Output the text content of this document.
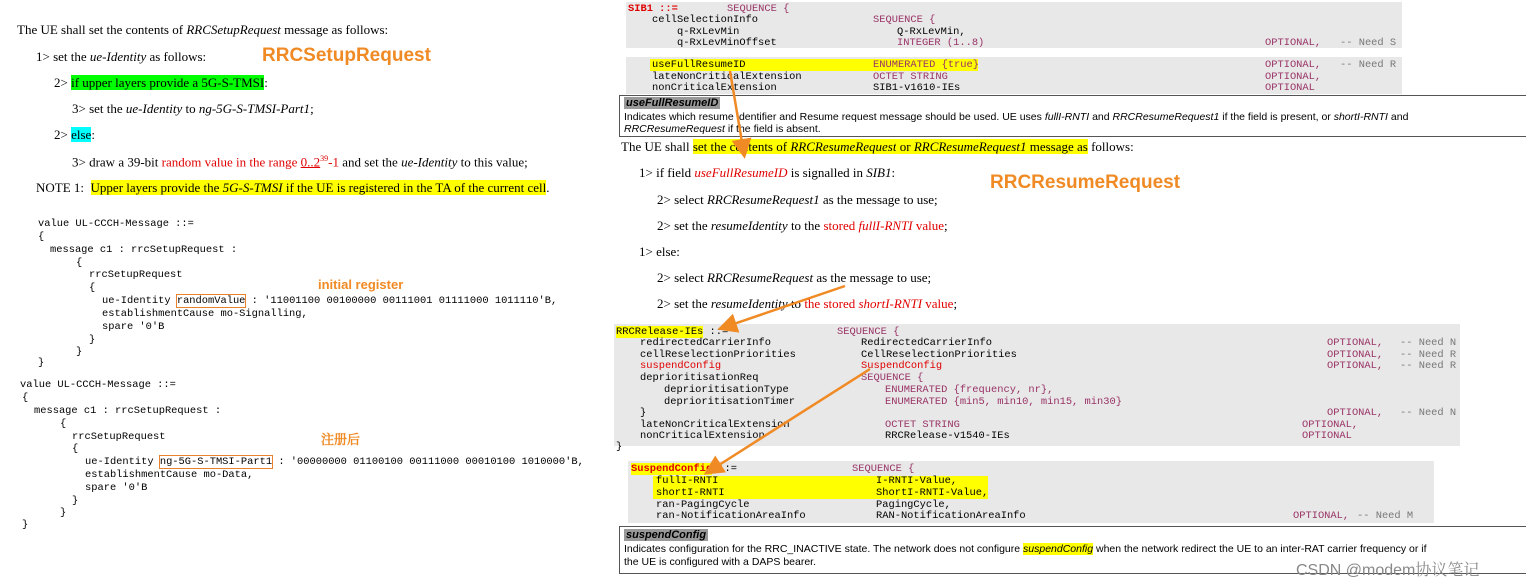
The UE shall set the contents of RRCSetupRequest message as follows:
1> set the ue-Identity as follows:
2> if upper layers provide a 5G-S-TMSI:
3> set the ue-Identity to ng-5G-S-TMSI-Part1;
2> else:
3> draw a 39-bit random value in the range 0..2$^{39}$-1 and set the ue-Identity to this value;
NOTE 1:  Upper layers provide the 5G-S-TMSI if the UE is registered in the TA of the current cell.
RRCSetupRequest
value UL-CCCH-Message ::=
{
message c1 : rrcSetupRequest :
{
rrcSetupRequest
{
ue-Identity randomValue : '11001100 00100000 00111001 01111000 1011110'B,
establishmentCause mo-Signalling,
spare '0'B
}
}
}
initial register
value UL-CCCH-Message ::=
{
message c1 : rrcSetupRequest :
{
rrcSetupRequest
{
ue-Identity ng-5G-S-TMSI-Part1 : '00000000 01100100 00111000 00010100 1010000'B,
establishmentCause mo-Data,
spare '0'B
}
}
}
注册后
SIB1 ::=	SEQUENCE {
cellSelectionInfo	SEQUENCE {
q-RxLevMin	Q-RxLevMin,
q-RxLevMinOffset	INTEGER (1..8)	OPTIONAL, -- Need S
useFullResumeID	ENUMERATED {true}	OPTIONAL, -- Need R
lateNonCriticalExtension	OCTET STRING	OPTIONAL,
nonCriticalExtension	SIB1-v1610-IEs	OPTIONAL
useFullResumeID
Indicates which resume identifier and Resume request message should be used. UE uses fullI-RNTI and RRCResumeRequest1 if the field is present, or shortI-RNTI and
RRCResumeRequest if the field is absent.
The UE shall set the contents of RRCResumeRequest or RRCResumeRequest1 message as follows:
1> if field useFullResumeID is signalled in SIB1:
2> select RRCResumeRequest1 as the message to use;
2> set the resumeIdentity to the stored fullI-RNTI value;
1> else:
2> select RRCResumeRequest as the message to use;
2> set the resumeIdentity to the stored shortI-RNTI value;
RRCResumeRequest
RRCRelease-IEs ::=	SEQUENCE {
redirectedCarrierInfo	RedirectedCarrierInfo	OPTIONAL, -- Need N
cellReselectionPriorities	CellReselectionPriorities	OPTIONAL, -- Need R
suspendConfig	SuspendConfig	OPTIONAL, -- Need R
deprioritisationReq	SEQUENCE {
deprioritisationType	ENUMERATED {frequency, nr},
deprioritisationTimer	ENUMERATED {min5, min10, min15, min30}
}	OPTIONAL, -- Need N
lateNonCriticalExtension	OCTET STRING	OPTIONAL,
nonCriticalExtension	RRCRelease-v1540-IEs	OPTIONAL
}
SuspendConfig ::=	SEQUENCE {
fullI-RNTI	I-RNTI-Value,
shortI-RNTI	ShortI-RNTI-Value,
ran-PagingCycle	PagingCycle,
ran-NotificationAreaInfo	RAN-NotificationAreaInfo	OPTIONAL, -- Need M
suspendConfig
Indicates configuration for the RRC_INACTIVE state. The network does not configure suspendConfig when the network redirect the UE to an inter-RAT carrier frequency or if
the UE is configured with a DAPS bearer.	CSDN @modem协议笔记
